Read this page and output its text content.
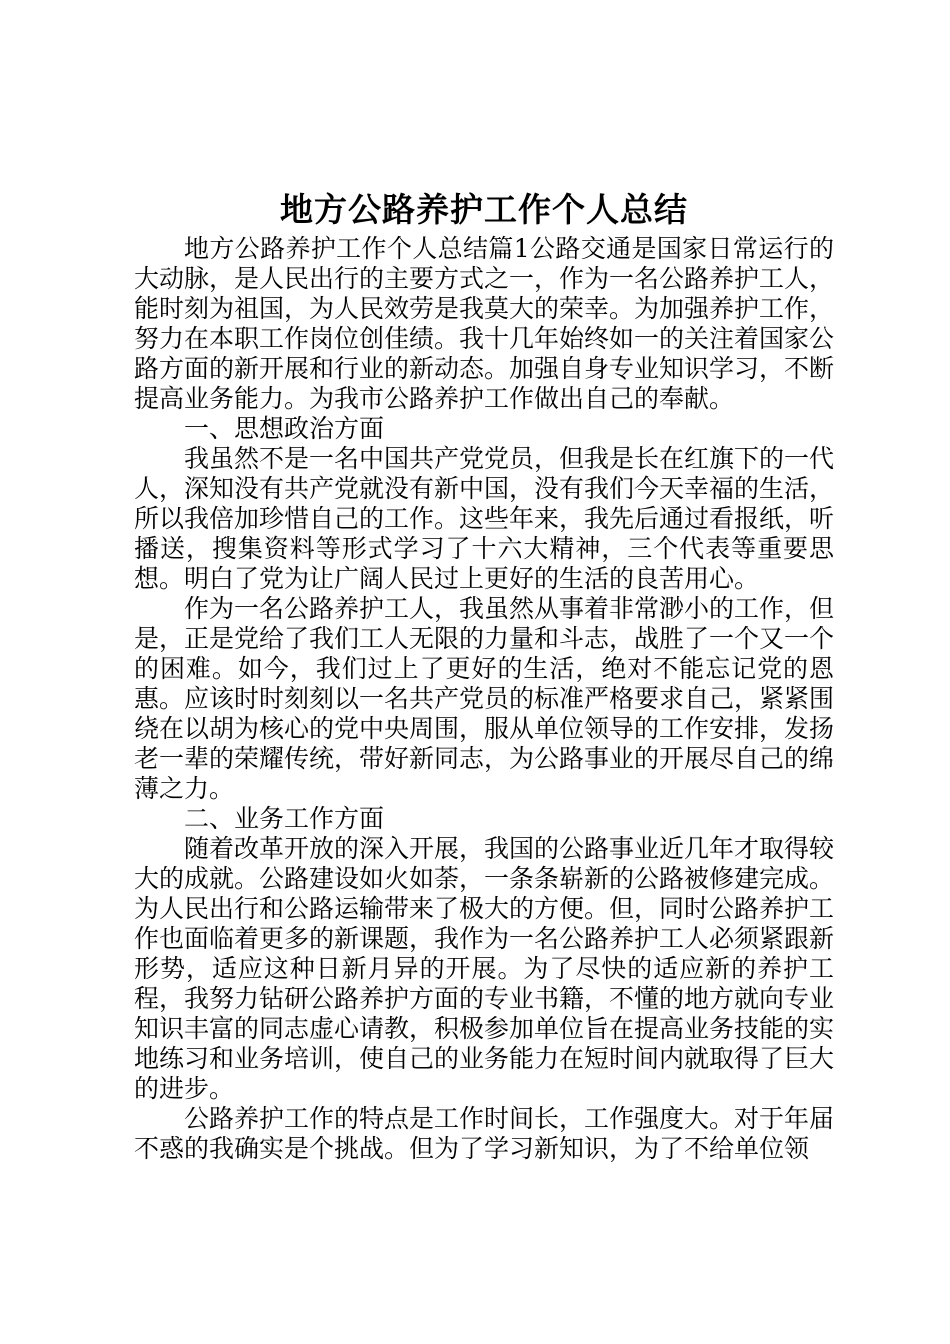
地方公路养护工作个人总结

地方公路养护工作个人总结篇1公路交通是国家日常运行的大动脉，是人民出行的主要方式之一，作为一名公路养护工人，能时刻为祖国，为人民效劳是我莫大的荣幸。为加强养护工作，努力在本职工作岗位创佳绩。我十几年始终如一的关注着国家公路方面的新开展和行业的新动态。加强自身专业知识学习，不断提高业务能力。为我市公路养护工作做出自己的奉献。

一、思想政治方面

我虽然不是一名中国共产党党员，但我是长在红旗下的一代人，深知没有共产党就没有新中国，没有我们今天幸福的生活，所以我倍加珍惜自己的工作。这些年来，我先后通过看报纸，听播送，搜集资料等形式学习了十六大精神，三个代表等重要思想。明白了党为让广阔人民过上更好的生活的良苦用心。

作为一名公路养护工人，我虽然从事着非常渺小的工作，但是，正是党给了我们工人无限的力量和斗志，战胜了一个又一个的困难。如今，我们过上了更好的生活，绝对不能忘记党的恩惠。应该时时刻刻以一名共产党员的标准严格要求自己，紧紧围绕在以胡为核心的党中央周围，服从单位领导的工作安排，发扬老一辈的荣耀传统，带好新同志，为公路事业的开展尽自己的绵薄之力。

二、业务工作方面

随着改革开放的深入开展，我国的公路事业近几年才取得较大的成就。公路建设如火如荼，一条条崭新的公路被修建完成。为人民出行和公路运输带来了极大的方便。但，同时公路养护工作也面临着更多的新课题，我作为一名公路养护工人必须紧跟新形势，适应这种日新月异的开展。为了尽快的适应新的养护工程，我努力钻研公路养护方面的专业书籍，不懂的地方就向专业知识丰富的同志虚心请教，积极参加单位旨在提高业务技能的实地练习和业务培训，使自己的业务能力在短时间内就取得了巨大的进步。

公路养护工作的特点是工作时间长，工作强度大。对于年届不惑的我确实是个挑战。但为了学习新知识，为了不给单位领
